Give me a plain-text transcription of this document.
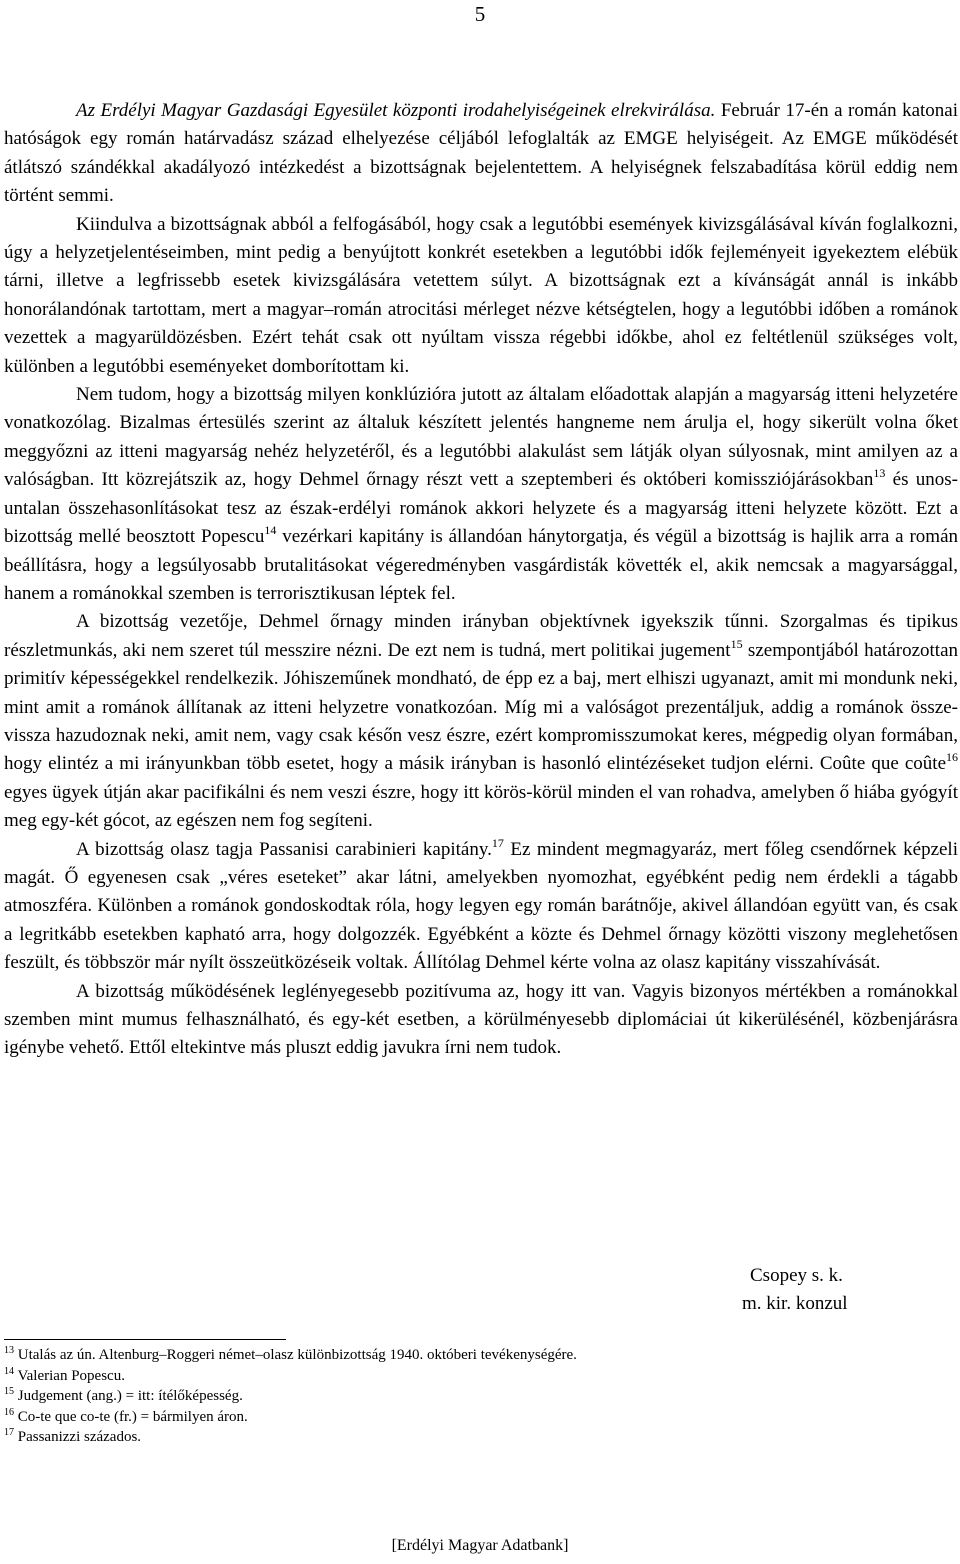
5

Az Erdélyi Magyar Gazdasági Egyesület központi irodahelyiségeinek elrekvirálása. Február 17-én a román katonai hatóságok egy román határvadász század elhelyezése céljából lefoglalták az EMGE helyiségeit. Az EMGE működését átlátszó szándékkal akadályozó intézkedést a bizottságnak bejelentettem. A helyiségnek felszabadítása körül eddig nem történt semmi.

Kiindulva a bizottságnak abból a felfogásából, hogy csak a legutóbbi események kivizsgálásával kíván foglalkozni, úgy a helyzetjelentéseimben, mint pedig a benyújtott konkrét esetekben a legutóbbi idők fejleményeit igyekeztem elébük tárni, illetve a legfrissebb esetek kivizsgálására vetettem súlyt. A bizottságnak ezt a kívánságát annál is inkább honorálandónak tartottam, mert a magyar–román atrocitási mérleget nézve kétségtelen, hogy a legutóbbi időben a románok vezettek a magyarüldözésben. Ezért tehát csak ott nyúltam vissza régebbi időkbe, ahol ez feltétlenül szükséges volt, különben a legutóbbi eseményeket domborítottam ki.

Nem tudom, hogy a bizottság milyen konklúzióra jutott az általam előadottak alapján a magyarság itteni helyzetére vonatkozólag. Bizalmas értesülés szerint az általuk készített jelentés hangneme nem árulja el, hogy sikerült volna őket meggyőzni az itteni magyarság nehéz helyzetéről, és a legutóbbi alakulást sem látják olyan súlyosnak, mint amilyen az a valóságban. Itt közrejátszik az, hogy Dehmel őrnagy részt vett a szeptemberi és októberi komissziójárásokban$^{13}$ és unos-untalan összehasonlításokat tesz az észak-erdélyi románok akkori helyzete és a magyarság itteni helyzete között. Ezt a bizottság mellé beosztott Popescu$^{14}$ vezérkari kapitány is állandóan hánytorgatja, és végül a bizottság is hajlik arra a román beállításra, hogy a legsúlyosabb brutalitásokat végeredményben vasgárdisták követték el, akik nemcsak a magyarsággal, hanem a románokkal szemben is terrorisztikusan léptek fel.

A bizottság vezetője, Dehmel őrnagy minden irányban objektívnek igyekszik tűnni. Szorgalmas és tipikus részletmunkás, aki nem szeret túl messzire nézni. De ezt nem is tudná, mert politikai jugement$^{15}$ szempontjából határozottan primitív képességekkel rendelkezik. Jóhiszeműnek mondható, de épp ez a baj, mert elhiszi ugyanazt, amit mi mondunk neki, mint amit a románok állítanak az itteni helyzetre vonatkozóan. Míg mi a valóságot prezentáljuk, addig a románok össze-vissza hazudoznak neki, amit nem, vagy csak későn vesz észre, ezért kompromisszumokat keres, mégpedig olyan formában, hogy elintéz a mi irányunkban több esetet, hogy a másik irányban is hasonló elintézéseket tudjon elérni. Coûte que coûte$^{16}$ egyes ügyek útján akar pacifikálni és nem veszi észre, hogy itt körös-körül minden el van rohadva, amelyben ő hiába gyógyít meg egy-két gócot, az egészen nem fog segíteni.

A bizottság olasz tagja Passanisi carabinieri kapitány.$^{17}$ Ez mindent megmagyaráz, mert főleg csendőrnek képzeli magát. Ő egyenesen csak „véres eseteket” akar látni, amelyekben nyomozhat, egyébként pedig nem érdekli a tágabb atmoszféra. Különben a románok gondoskodtak róla, hogy legyen egy román barátnője, akivel állandóan együtt van, és csak a legritkább esetekben kapható arra, hogy dolgozzék. Egyébként a közte és Dehmel őrnagy közötti viszony meglehetősen feszült, és többször már nyílt összeütközéseik voltak. Állítólag Dehmel kérte volna az olasz kapitány visszahívását.

A bizottság működésének leglényegesebb pozitívuma az, hogy itt van. Vagyis bizonyos mértékben a románokkal szemben mint mumus felhasználható, és egy-két esetben, a körülményesebb diplomáciai út kikerülésénél, közbenjárásra igénybe vehető. Ettől eltekintve más pluszt eddig javukra írni nem tudok.

Csopey s. k.
m. kir. konzul
$^{13}$ Utalás az ún. Altenburg–Roggeri német–olasz különbizottság 1940. októberi tevékenységére.
$^{14}$ Valerian Popescu.
$^{15}$ Judgement (ang.) = itt: ítélőképesség.
$^{16}$ Co-te que co-te (fr.) = bármilyen áron.
$^{17}$ Passanizzi százados.
[Erdélyi Magyar Adatbank]
